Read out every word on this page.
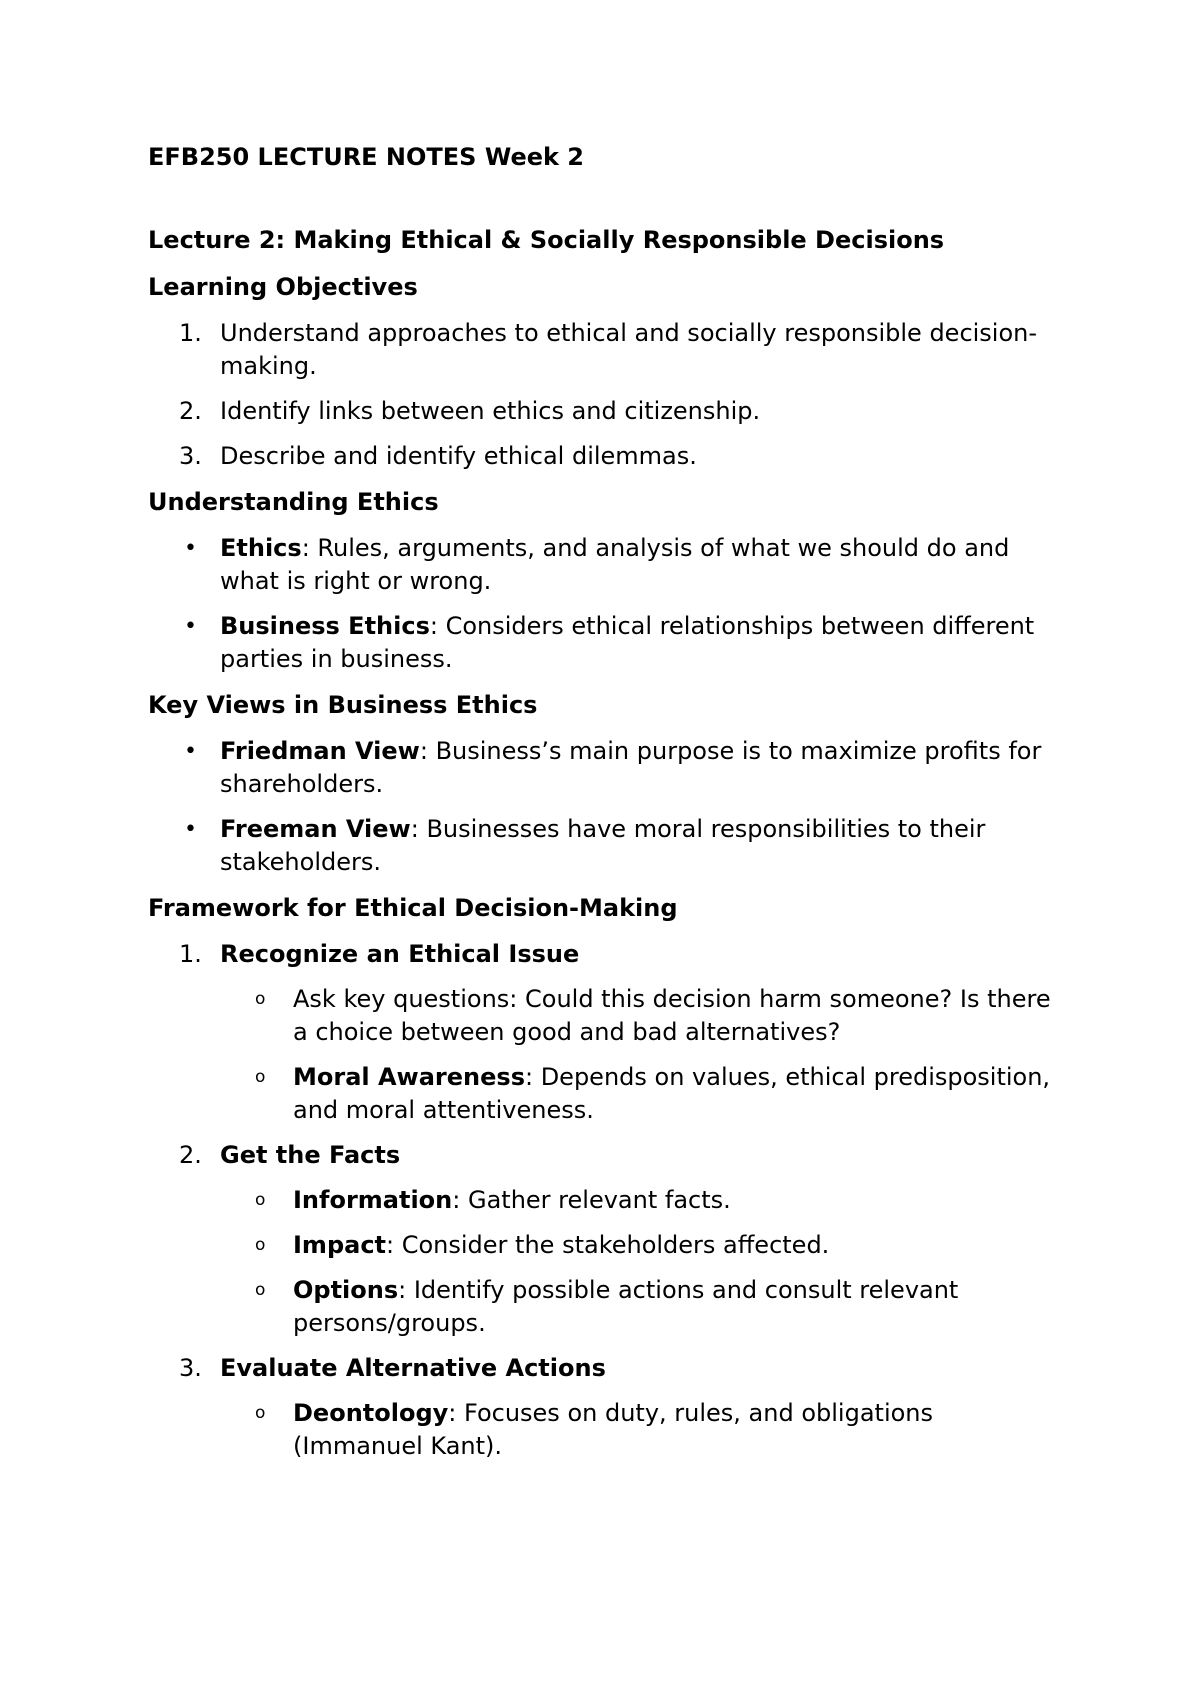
EFB250 LECTURE NOTES Week 2
Lecture 2: Making Ethical & Socially Responsible Decisions
Learning Objectives
1. Understand approaches to ethical and socially responsible decision-making.
2. Identify links between ethics and citizenship.
3. Describe and identify ethical dilemmas.
Understanding Ethics
• Ethics: Rules, arguments, and analysis of what we should do and what is right or wrong.
• Business Ethics: Considers ethical relationships between different parties in business.
Key Views in Business Ethics
• Friedman View: Business’s main purpose is to maximize profits for shareholders.
• Freeman View: Businesses have moral responsibilities to their stakeholders.
Framework for Ethical Decision-Making
1. Recognize an Ethical Issue
o Ask key questions: Could this decision harm someone? Is there a choice between good and bad alternatives?
o Moral Awareness: Depends on values, ethical predisposition, and moral attentiveness.
2. Get the Facts
o Information: Gather relevant facts.
o Impact: Consider the stakeholders affected.
o Options: Identify possible actions and consult relevant persons/groups.
3. Evaluate Alternative Actions
o Deontology: Focuses on duty, rules, and obligations (Immanuel Kant).
